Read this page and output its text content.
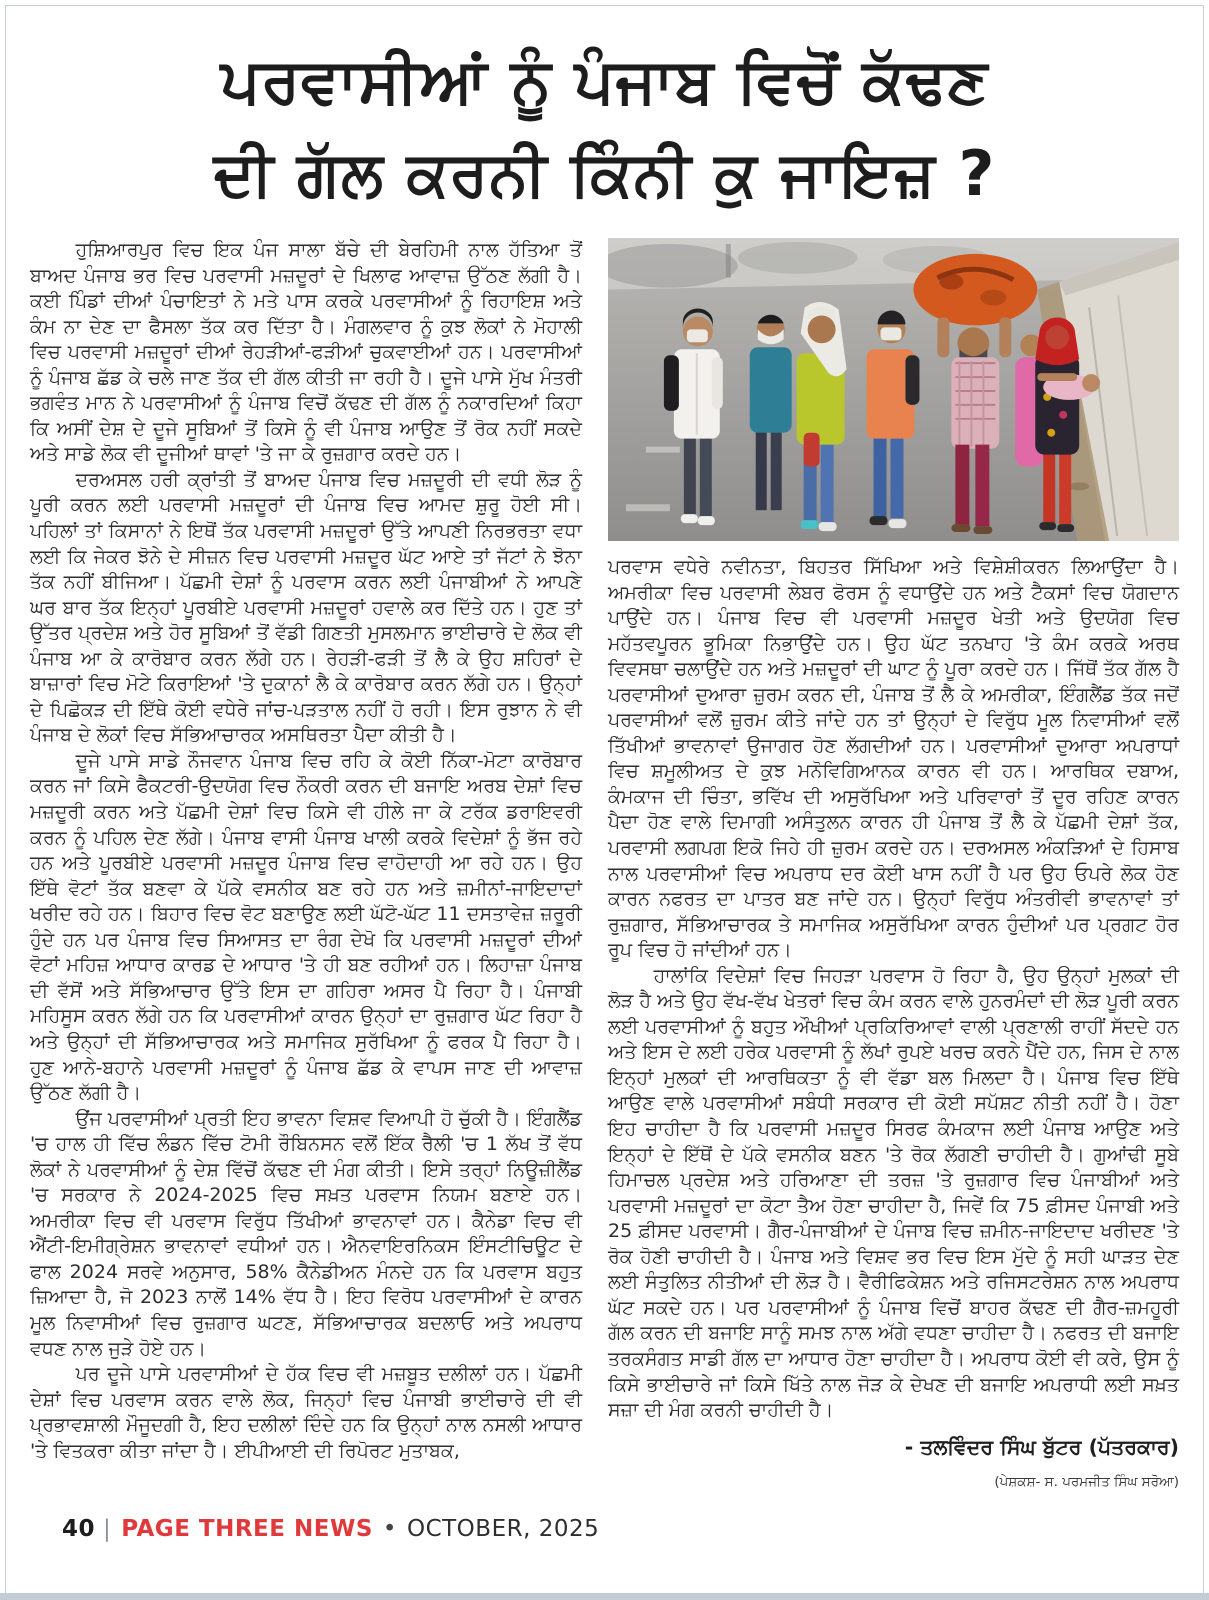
ਪਰਵਾਸੀਆਂ ਨੂੰ ਪੰਜਾਬ ਵਿਚੋਂ ਕੱਢਣ
ਦੀ ਗੱਲ ਕਰਨੀ ਕਿੰਨੀ ਕੁ ਜਾਇਜ਼ ?

ਹੁਸ਼ਿਆਰਪੁਰ ਵਿਚ ਇਕ ਪੰਜ ਸਾਲਾ ਬੱਚੇ ਦੀ ਬੇਰਹਿਮੀ ਨਾਲ ਹੱਤਿਆ ਤੋਂ ਬਾਅਦ ਪੰਜਾਬ ਭਰ ਵਿਚ ਪਰਵਾਸੀ ਮਜ਼ਦੂਰਾਂ ਦੇ ਖਿਲਾਫ ਆਵਾਜ਼ ਉੱਠਣ ਲੱਗੀ ਹੈ। ਕਈ ਪਿੰਡਾਂ ਦੀਆਂ ਪੰਚਾਇਤਾਂ ਨੇ ਮਤੇ ਪਾਸ ਕਰਕੇ ਪਰਵਾਸੀਆਂ ਨੂੰ ਰਿਹਾਇਸ਼ ਅਤੇ ਕੰਮ ਨਾ ਦੇਣ ਦਾ ਫੈਸਲਾ ਤੱਕ ਕਰ ਦਿੱਤਾ ਹੈ। ਮੰਗਲਵਾਰ ਨੂੰ ਕੁਝ ਲੋਕਾਂ ਨੇ ਮੋਹਾਲੀ ਵਿਚ ਪਰਵਾਸੀ ਮਜ਼ਦੂਰਾਂ ਦੀਆਂ ਰੇਹੜੀਆਂ-ਫੜੀਆਂ ਚੁਕਵਾਈਆਂ ਹਨ। ਪਰਵਾਸੀਆਂ ਨੂੰ ਪੰਜਾਬ ਛੱਡ ਕੇ ਚਲੇ ਜਾਣ ਤੱਕ ਦੀ ਗੱਲ ਕੀਤੀ ਜਾ ਰਹੀ ਹੈ। ਦੂਜੇ ਪਾਸੇ ਮੁੱਖ ਮੰਤਰੀ ਭਗਵੰਤ ਮਾਨ ਨੇ ਪਰਵਾਸੀਆਂ ਨੂੰ ਪੰਜਾਬ ਵਿਚੋਂ ਕੱਢਣ ਦੀ ਗੱਲ ਨੂੰ ਨਕਾਰਦਿਆਂ ਕਿਹਾ ਕਿ ਅਸੀਂ ਦੇਸ਼ ਦੇ ਦੂਜੇ ਸੂਬਿਆਂ ਤੋਂ ਕਿਸੇ ਨੂੰ ਵੀ ਪੰਜਾਬ ਆਉਣ ਤੋਂ ਰੋਕ ਨਹੀਂ ਸਕਦੇ ਅਤੇ ਸਾਡੇ ਲੋਕ ਵੀ ਦੂਜੀਆਂ ਥਾਵਾਂ 'ਤੇ ਜਾ ਕੇ ਰੁਜ਼ਗਾਰ ਕਰਦੇ ਹਨ।

ਦਰਅਸਲ ਹਰੀ ਕ੍ਰਾਂਤੀ ਤੋਂ ਬਾਅਦ ਪੰਜਾਬ ਵਿਚ ਮਜ਼ਦੂਰੀ ਦੀ ਵਧੀ ਲੋੜ ਨੂੰ ਪੂਰੀ ਕਰਨ ਲਈ ਪਰਵਾਸੀ ਮਜ਼ਦੂਰਾਂ ਦੀ ਪੰਜਾਬ ਵਿਚ ਆਮਦ ਸ਼ੁਰੂ ਹੋਈ ਸੀ। ਪਹਿਲਾਂ ਤਾਂ ਕਿਸਾਨਾਂ ਨੇ ਇਥੋਂ ਤੱਕ ਪਰਵਾਸੀ ਮਜ਼ਦੂਰਾਂ ਉੱਤੇ ਆਪਣੀ ਨਿਰਭਰਤਾ ਵਧਾ ਲਈ ਕਿ ਜੇਕਰ ਝੋਨੇ ਦੇ ਸੀਜ਼ਨ ਵਿਚ ਪਰਵਾਸੀ ਮਜ਼ਦੂਰ ਘੱਟ ਆਏ ਤਾਂ ਜੱਟਾਂ ਨੇ ਝੋਨਾ ਤੱਕ ਨਹੀਂ ਬੀਜਿਆ। ਪੱਛਮੀ ਦੇਸ਼ਾਂ ਨੂੰ ਪਰਵਾਸ ਕਰਨ ਲਈ ਪੰਜਾਬੀਆਂ ਨੇ ਆਪਣੇ ਘਰ ਬਾਰ ਤੱਕ ਇਨ੍ਹਾਂ ਪੂਰਬੀਏ ਪਰਵਾਸੀ ਮਜ਼ਦੂਰਾਂ ਹਵਾਲੇ ਕਰ ਦਿੱਤੇ ਹਨ। ਹੁਣ ਤਾਂ ਉੱਤਰ ਪ੍ਰਦੇਸ਼ ਅਤੇ ਹੋਰ ਸੂਬਿਆਂ ਤੋਂ ਵੱਡੀ ਗਿਣਤੀ ਮੁਸਲਮਾਨ ਭਾਈਚਾਰੇ ਦੇ ਲੋਕ ਵੀ ਪੰਜਾਬ ਆ ਕੇ ਕਾਰੋਬਾਰ ਕਰਨ ਲੱਗੇ ਹਨ। ਰੇਹੜੀ-ਫੜੀ ਤੋਂ ਲੈ ਕੇ ਉਹ ਸ਼ਹਿਰਾਂ ਦੇ ਬਾਜ਼ਾਰਾਂ ਵਿਚ ਮੋਟੇ ਕਿਰਾਇਆਂ 'ਤੇ ਦੁਕਾਨਾਂ ਲੈ ਕੇ ਕਾਰੋਬਾਰ ਕਰਨ ਲੱਗੇ ਹਨ। ਉਨ੍ਹਾਂ ਦੇ ਪਿਛੋਕੜ ਦੀ ਇੱਥੇ ਕੋਈ ਵਧੇਰੇ ਜਾਂਚ-ਪੜਤਾਲ ਨਹੀਂ ਹੋ ਰਹੀ। ਇਸ ਰੁਝਾਨ ਨੇ ਵੀ ਪੰਜਾਬ ਦੇ ਲੋਕਾਂ ਵਿਚ ਸੱਭਿਆਚਾਰਕ ਅਸਥਿਰਤਾ ਪੈਦਾ ਕੀਤੀ ਹੈ।

ਦੂਜੇ ਪਾਸੇ ਸਾਡੇ ਨੌਜਵਾਨ ਪੰਜਾਬ ਵਿਚ ਰਹਿ ਕੇ ਕੋਈ ਨਿੱਕਾ-ਮੋਟਾ ਕਾਰੋਬਾਰ ਕਰਨ ਜਾਂ ਕਿਸੇ ਫੈਕਟਰੀ-ਉਦਯੋਗ ਵਿਚ ਨੌਕਰੀ ਕਰਨ ਦੀ ਬਜਾਇ ਅਰਬ ਦੇਸ਼ਾਂ ਵਿਚ ਮਜ਼ਦੂਰੀ ਕਰਨ ਅਤੇ ਪੱਛਮੀ ਦੇਸ਼ਾਂ ਵਿਚ ਕਿਸੇ ਵੀ ਹੀਲੇ ਜਾ ਕੇ ਟਰੱਕ ਡਰਾਇਵਰੀ ਕਰਨ ਨੂੰ ਪਹਿਲ ਦੇਣ ਲੱਗੇ। ਪੰਜਾਬ ਵਾਸੀ ਪੰਜਾਬ ਖਾਲੀ ਕਰਕੇ ਵਿਦੇਸ਼ਾਂ ਨੂੰ ਭੱਜ ਰਹੇ ਹਨ ਅਤੇ ਪੂਰਬੀਏ ਪਰਵਾਸੀ ਮਜ਼ਦੂਰ ਪੰਜਾਬ ਵਿਚ ਵਾਹੋਦਾਹੀ ਆ ਰਹੇ ਹਨ। ਉਹ ਇੱਥੇ ਵੋਟਾਂ ਤੱਕ ਬਣਵਾ ਕੇ ਪੱਕੇ ਵਸਨੀਕ ਬਣ ਰਹੇ ਹਨ ਅਤੇ ਜ਼ਮੀਨਾਂ-ਜਾਇਦਾਦਾਂ ਖਰੀਦ ਰਹੇ ਹਨ। ਬਿਹਾਰ ਵਿਚ ਵੋਟ ਬਣਾਉਣ ਲਈ ਘੱਟੋ-ਘੱਟ 11 ਦਸਤਾਵੇਜ਼ ਜ਼ਰੂਰੀ ਹੁੰਦੇ ਹਨ ਪਰ ਪੰਜਾਬ ਵਿਚ ਸਿਆਸਤ ਦਾ ਰੰਗ ਦੇਖੋ ਕਿ ਪਰਵਾਸੀ ਮਜ਼ਦੂਰਾਂ ਦੀਆਂ ਵੋਟਾਂ ਮਹਿਜ਼ ਆਧਾਰ ਕਾਰਡ ਦੇ ਆਧਾਰ 'ਤੇ ਹੀ ਬਣ ਰਹੀਆਂ ਹਨ। ਲਿਹਾਜ਼ਾ ਪੰਜਾਬ ਦੀ ਵੱਸੋਂ ਅਤੇ ਸੱਭਿਆਚਾਰ ਉੱਤੇ ਇਸ ਦਾ ਗਹਿਰਾ ਅਸਰ ਪੈ ਰਿਹਾ ਹੈ। ਪੰਜਾਬੀ ਮਹਿਸੂਸ ਕਰਨ ਲੱਗੇ ਹਨ ਕਿ ਪਰਵਾਸੀਆਂ ਕਾਰਨ ਉਨ੍ਹਾਂ ਦਾ ਰੁਜ਼ਗਾਰ ਘੱਟ ਰਿਹਾ ਹੈ ਅਤੇ ਉਨ੍ਹਾਂ ਦੀ ਸੱਭਿਆਚਾਰਕ ਅਤੇ ਸਮਾਜਿਕ ਸੁਰੱਖਿਆ ਨੂੰ ਫਰਕ ਪੈ ਰਿਹਾ ਹੈ। ਹੁਣ ਆਨੇ-ਬਹਾਨੇ ਪਰਵਾਸੀ ਮਜ਼ਦੂਰਾਂ ਨੂੰ ਪੰਜਾਬ ਛੱਡ ਕੇ ਵਾਪਸ ਜਾਣ ਦੀ ਆਵਾਜ਼ ਉੱਠਣ ਲੱਗੀ ਹੈ।

ਉਂਜ ਪਰਵਾਸੀਆਂ ਪ੍ਰਤੀ ਇਹ ਭਾਵਨਾ ਵਿਸ਼ਵ ਵਿਆਪੀ ਹੋ ਚੁੱਕੀ ਹੈ। ਇੰਗਲੈਂਡ 'ਚ ਹਾਲ ਹੀ ਵਿੱਚ ਲੰਡਨ ਵਿੱਚ ਟੋਮੀ ਰੌਬਿਨਸਨ ਵਲੋਂ ਇੱਕ ਰੈਲੀ 'ਚ 1 ਲੱਖ ਤੋਂ ਵੱਧ ਲੋਕਾਂ ਨੇ ਪਰਵਾਸੀਆਂ ਨੂੰ ਦੇਸ਼ ਵਿੱਚੋਂ ਕੱਢਣ ਦੀ ਮੰਗ ਕੀਤੀ। ਇਸੇ ਤਰ੍ਹਾਂ ਨਿਊਜ਼ੀਲੈਂਡ 'ਚ ਸਰਕਾਰ ਨੇ 2024-2025 ਵਿਚ ਸਖ਼ਤ ਪਰਵਾਸ ਨਿਯਮ ਬਣਾਏ ਹਨ। ਅਮਰੀਕਾ ਵਿਚ ਵੀ ਪਰਵਾਸ ਵਿਰੁੱਧ ਤਿੱਖੀਆਂ ਭਾਵਨਾਵਾਂ ਹਨ। ਕੈਨੇਡਾ ਵਿਚ ਵੀ ਐਂਟੀ-ਇਮੀਗ੍ਰੇਸ਼ਨ ਭਾਵਨਾਵਾਂ ਵਧੀਆਂ ਹਨ। ਐਨਵਾਇਰਨਿਕਸ ਇੰਸਟੀਚਿਊਟ ਦੇ ਫਾਲ 2024 ਸਰਵੇ ਅਨੁਸਾਰ, 58% ਕੈਨੇਡੀਅਨ ਮੰਨਦੇ ਹਨ ਕਿ ਪਰਵਾਸ ਬਹੁਤ ਜ਼ਿਆਦਾ ਹੈ, ਜੋ 2023 ਨਾਲੋਂ 14% ਵੱਧ ਹੈ। ਇਹ ਵਿਰੋਧ ਪਰਵਾਸੀਆਂ ਦੇ ਕਾਰਨ ਮੂਲ ਨਿਵਾਸੀਆਂ ਵਿਚ ਰੁਜ਼ਗਾਰ ਘਟਣ, ਸੱਭਿਆਚਾਰਕ ਬਦਲਾਓ ਅਤੇ ਅਪਰਾਧ ਵਧਣ ਨਾਲ ਜੁੜੇ ਹੋਏ ਹਨ।

ਪਰ ਦੂਜੇ ਪਾਸੇ ਪਰਵਾਸੀਆਂ ਦੇ ਹੱਕ ਵਿਚ ਵੀ ਮਜ਼ਬੂਤ ਦਲੀਲਾਂ ਹਨ। ਪੱਛਮੀ ਦੇਸ਼ਾਂ ਵਿਚ ਪਰਵਾਸ ਕਰਨ ਵਾਲੇ ਲੋਕ, ਜਿਨ੍ਹਾਂ ਵਿਚ ਪੰਜਾਬੀ ਭਾਈਚਾਰੇ ਦੀ ਵੀ ਪ੍ਰਭਾਵਸ਼ਾਲੀ ਮੌਜੂਦਗੀ ਹੈ, ਇਹ ਦਲੀਲਾਂ ਦਿੰਦੇ ਹਨ ਕਿ ਉਨ੍ਹਾਂ ਨਾਲ ਨਸਲੀ ਆਧਾਰ 'ਤੇ ਵਿਤਕਰਾ ਕੀਤਾ ਜਾਂਦਾ ਹੈ। ਈਪੀਆਈ ਦੀ ਰਿਪੋਰਟ ਮੁਤਾਬਕ,

ਪਰਵਾਸ ਵਧੇਰੇ ਨਵੀਨਤਾ, ਬਿਹਤਰ ਸਿੱਖਿਆ ਅਤੇ ਵਿਸ਼ੇਸ਼ੀਕਰਨ ਲਿਆਉਂਦਾ ਹੈ। ਅਮਰੀਕਾ ਵਿਚ ਪਰਵਾਸੀ ਲੇਬਰ ਫੋਰਸ ਨੂੰ ਵਧਾਉਂਦੇ ਹਨ ਅਤੇ ਟੈਕਸਾਂ ਵਿਚ ਯੋਗਦਾਨ ਪਾਉਂਦੇ ਹਨ। ਪੰਜਾਬ ਵਿਚ ਵੀ ਪਰਵਾਸੀ ਮਜ਼ਦੂਰ ਖੇਤੀ ਅਤੇ ਉਦਯੋਗ ਵਿਚ ਮਹੱਤਵਪੂਰਨ ਭੂਮਿਕਾ ਨਿਭਾਉਂਦੇ ਹਨ। ਉਹ ਘੱਟ ਤਨਖਾਹ 'ਤੇ ਕੰਮ ਕਰਕੇ ਅਰਥ ਵਿਵਸਥਾ ਚਲਾਉਂਦੇ ਹਨ ਅਤੇ ਮਜ਼ਦੂਰਾਂ ਦੀ ਘਾਟ ਨੂੰ ਪੂਰਾ ਕਰਦੇ ਹਨ। ਜਿੱਥੋਂ ਤੱਕ ਗੱਲ ਹੈ ਪਰਵਾਸੀਆਂ ਦੁਆਰਾ ਜ਼ੁਰਮ ਕਰਨ ਦੀ, ਪੰਜਾਬ ਤੋਂ ਲੈ ਕੇ ਅਮਰੀਕਾ, ਇੰਗਲੈਂਡ ਤੱਕ ਜਦੋਂ ਪਰਵਾਸੀਆਂ ਵਲੋਂ ਜ਼ੁਰਮ ਕੀਤੇ ਜਾਂਦੇ ਹਨ ਤਾਂ ਉਨ੍ਹਾਂ ਦੇ ਵਿਰੁੱਧ ਮੂਲ ਨਿਵਾਸੀਆਂ ਵਲੋਂ ਤਿੱਖੀਆਂ ਭਾਵਨਾਵਾਂ ਉਜਾਗਰ ਹੋਣ ਲੱਗਦੀਆਂ ਹਨ। ਪਰਵਾਸੀਆਂ ਦੁਆਰਾ ਅਪਰਾਧਾਂ ਵਿਚ ਸ਼ਮੂਲੀਅਤ ਦੇ ਕੁਝ ਮਨੋਵਿਗਿਆਨਕ ਕਾਰਨ ਵੀ ਹਨ। ਆਰਥਿਕ ਦਬਾਅ, ਕੰਮਕਾਜ ਦੀ ਚਿੰਤਾ, ਭਵਿੱਖ ਦੀ ਅਸੁਰੱਖਿਆ ਅਤੇ ਪਰਿਵਾਰਾਂ ਤੋਂ ਦੂਰ ਰਹਿਣ ਕਾਰਨ ਪੈਦਾ ਹੋਣ ਵਾਲੇ ਦਿਮਾਗੀ ਅਸੰਤੁਲਨ ਕਾਰਨ ਹੀ ਪੰਜਾਬ ਤੋਂ ਲੈ ਕੇ ਪੱਛਮੀ ਦੇਸ਼ਾਂ ਤੱਕ, ਪਰਵਾਸੀ ਲਗਪਗ ਇਕੋ ਜਿਹੇ ਹੀ ਜ਼ੁਰਮ ਕਰਦੇ ਹਨ। ਦਰਅਸਲ ਅੰਕੜਿਆਂ ਦੇ ਹਿਸਾਬ ਨਾਲ ਪਰਵਾਸੀਆਂ ਵਿਚ ਅਪਰਾਧ ਦਰ ਕੋਈ ਖਾਸ ਨਹੀਂ ਹੈ ਪਰ ਉਹ ਓਪਰੇ ਲੋਕ ਹੋਣ ਕਾਰਨ ਨਫਰਤ ਦਾ ਪਾਤਰ ਬਣ ਜਾਂਦੇ ਹਨ। ਉਨ੍ਹਾਂ ਵਿਰੁੱਧ ਅੰਤਰੀਵੀ ਭਾਵਨਾਵਾਂ ਤਾਂ ਰੁਜ਼ਗਾਰ, ਸੱਭਿਆਚਾਰਕ ਤੇ ਸਮਾਜਿਕ ਅਸੁਰੱਖਿਆ ਕਾਰਨ ਹੁੰਦੀਆਂ ਪਰ ਪ੍ਰਗਟ ਹੋਰ ਰੂਪ ਵਿਚ ਹੋ ਜਾਂਦੀਆਂ ਹਨ।

ਹਾਲਾਂਕਿ ਵਿਦੇਸ਼ਾਂ ਵਿਚ ਜਿਹੜਾ ਪਰਵਾਸ ਹੋ ਰਿਹਾ ਹੈ, ਉਹ ਉਨ੍ਹਾਂ ਮੁਲਕਾਂ ਦੀ ਲੋੜ ਹੈ ਅਤੇ ਉਹ ਵੱਖ-ਵੱਖ ਖੇਤਰਾਂ ਵਿਚ ਕੰਮ ਕਰਨ ਵਾਲੇ ਹੁਨਰਮੰਦਾਂ ਦੀ ਲੋੜ ਪੂਰੀ ਕਰਨ ਲਈ ਪਰਵਾਸੀਆਂ ਨੂੰ ਬਹੁਤ ਔਖੀਆਂ ਪ੍ਰਕਿਰਿਆਵਾਂ ਵਾਲੀ ਪ੍ਰਣਾਲੀ ਰਾਹੀਂ ਸੱਦਦੇ ਹਨ ਅਤੇ ਇਸ ਦੇ ਲਈ ਹਰੇਕ ਪਰਵਾਸੀ ਨੂੰ ਲੱਖਾਂ ਰੁਪਏ ਖਰਚ ਕਰਨੇ ਪੈਂਦੇ ਹਨ, ਜਿਸ ਦੇ ਨਾਲ ਇਨ੍ਹਾਂ ਮੁਲਕਾਂ ਦੀ ਆਰਥਿਕਤਾ ਨੂੰ ਵੀ ਵੱਡਾ ਬਲ ਮਿਲਦਾ ਹੈ। ਪੰਜਾਬ ਵਿਚ ਇੱਥੇ ਆਉਣ ਵਾਲੇ ਪਰਵਾਸੀਆਂ ਸਬੰਧੀ ਸਰਕਾਰ ਦੀ ਕੋਈ ਸਪੱਸ਼ਟ ਨੀਤੀ ਨਹੀਂ ਹੈ। ਹੋਣਾ ਇਹ ਚਾਹੀਦਾ ਹੈ ਕਿ ਪਰਵਾਸੀ ਮਜ਼ਦੂਰ ਸਿਰਫ ਕੰਮਕਾਜ ਲਈ ਪੰਜਾਬ ਆਉਣ ਅਤੇ ਇਨ੍ਹਾਂ ਦੇ ਇੱਥੋਂ ਦੇ ਪੱਕੇ ਵਸਨੀਕ ਬਣਨ 'ਤੇ ਰੋਕ ਲੱਗਣੀ ਚਾਹੀਦੀ ਹੈ। ਗੁਆਂਢੀ ਸੂਬੇ ਹਿਮਾਚਲ ਪ੍ਰਦੇਸ਼ ਅਤੇ ਹਰਿਆਣਾ ਦੀ ਤਰਜ਼ 'ਤੇ ਰੁਜ਼ਗਾਰ ਵਿਚ ਪੰਜਾਬੀਆਂ ਅਤੇ ਪਰਵਾਸੀ ਮਜ਼ਦੂਰਾਂ ਦਾ ਕੋਟਾ ਤੈਅ ਹੋਣਾ ਚਾਹੀਦਾ ਹੈ, ਜਿਵੇਂ ਕਿ 75 ਫ਼ੀਸਦ ਪੰਜਾਬੀ ਅਤੇ 25 ਫ਼ੀਸਦ ਪਰਵਾਸੀ। ਗੈਰ-ਪੰਜਾਬੀਆਂ ਦੇ ਪੰਜਾਬ ਵਿਚ ਜ਼ਮੀਨ-ਜਾਇਦਾਦ ਖਰੀਦਣ 'ਤੇ ਰੋਕ ਹੋਣੀ ਚਾਹੀਦੀ ਹੈ। ਪੰਜਾਬ ਅਤੇ ਵਿਸ਼ਵ ਭਰ ਵਿਚ ਇਸ ਮੁੱਦੇ ਨੂੰ ਸਹੀ ਘਾੜਤ ਦੇਣ ਲਈ ਸੰਤੁਲਿਤ ਨੀਤੀਆਂ ਦੀ ਲੋੜ ਹੈ। ਵੈਰੀਫਿਕੇਸ਼ਨ ਅਤੇ ਰਜਿਸਟਰੇਸ਼ਨ ਨਾਲ ਅਪਰਾਧ ਘੱਟ ਸਕਦੇ ਹਨ। ਪਰ ਪਰਵਾਸੀਆਂ ਨੂੰ ਪੰਜਾਬ ਵਿਚੋਂ ਬਾਹਰ ਕੱਢਣ ਦੀ ਗੈਰ-ਜ਼ਮਹੂਰੀ ਗੱਲ ਕਰਨ ਦੀ ਬਜਾਇ ਸਾਨੂੰ ਸਮਝ ਨਾਲ ਅੱਗੇ ਵਧਣਾ ਚਾਹੀਦਾ ਹੈ। ਨਫਰਤ ਦੀ ਬਜਾਇ ਤਰਕਸੰਗਤ ਸਾਡੀ ਗੱਲ ਦਾ ਆਧਾਰ ਹੋਣਾ ਚਾਹੀਦਾ ਹੈ। ਅਪਰਾਧ ਕੋਈ ਵੀ ਕਰੇ, ਉਸ ਨੂੰ ਕਿਸੇ ਭਾਈਚਾਰੇ ਜਾਂ ਕਿਸੇ ਖਿੱਤੇ ਨਾਲ ਜੋੜ ਕੇ ਦੇਖਣ ਦੀ ਬਜਾਇ ਅਪਰਾਧੀ ਲਈ ਸਖ਼ਤ ਸਜ਼ਾ ਦੀ ਮੰਗ ਕਰਨੀ ਚਾਹੀਦੀ ਹੈ।

- ਤਲਵਿੰਦਰ ਸਿੰਘ ਬੁੱਟਰ (ਪੱਤਰਕਾਰ)
(ਪੇਸ਼ਕਸ਼- ਸ. ਪਰਮਜੀਤ ਸਿੰਘ ਸਰੋਆ)
40 | PAGE THREE NEWS • OCTOBER, 2025
